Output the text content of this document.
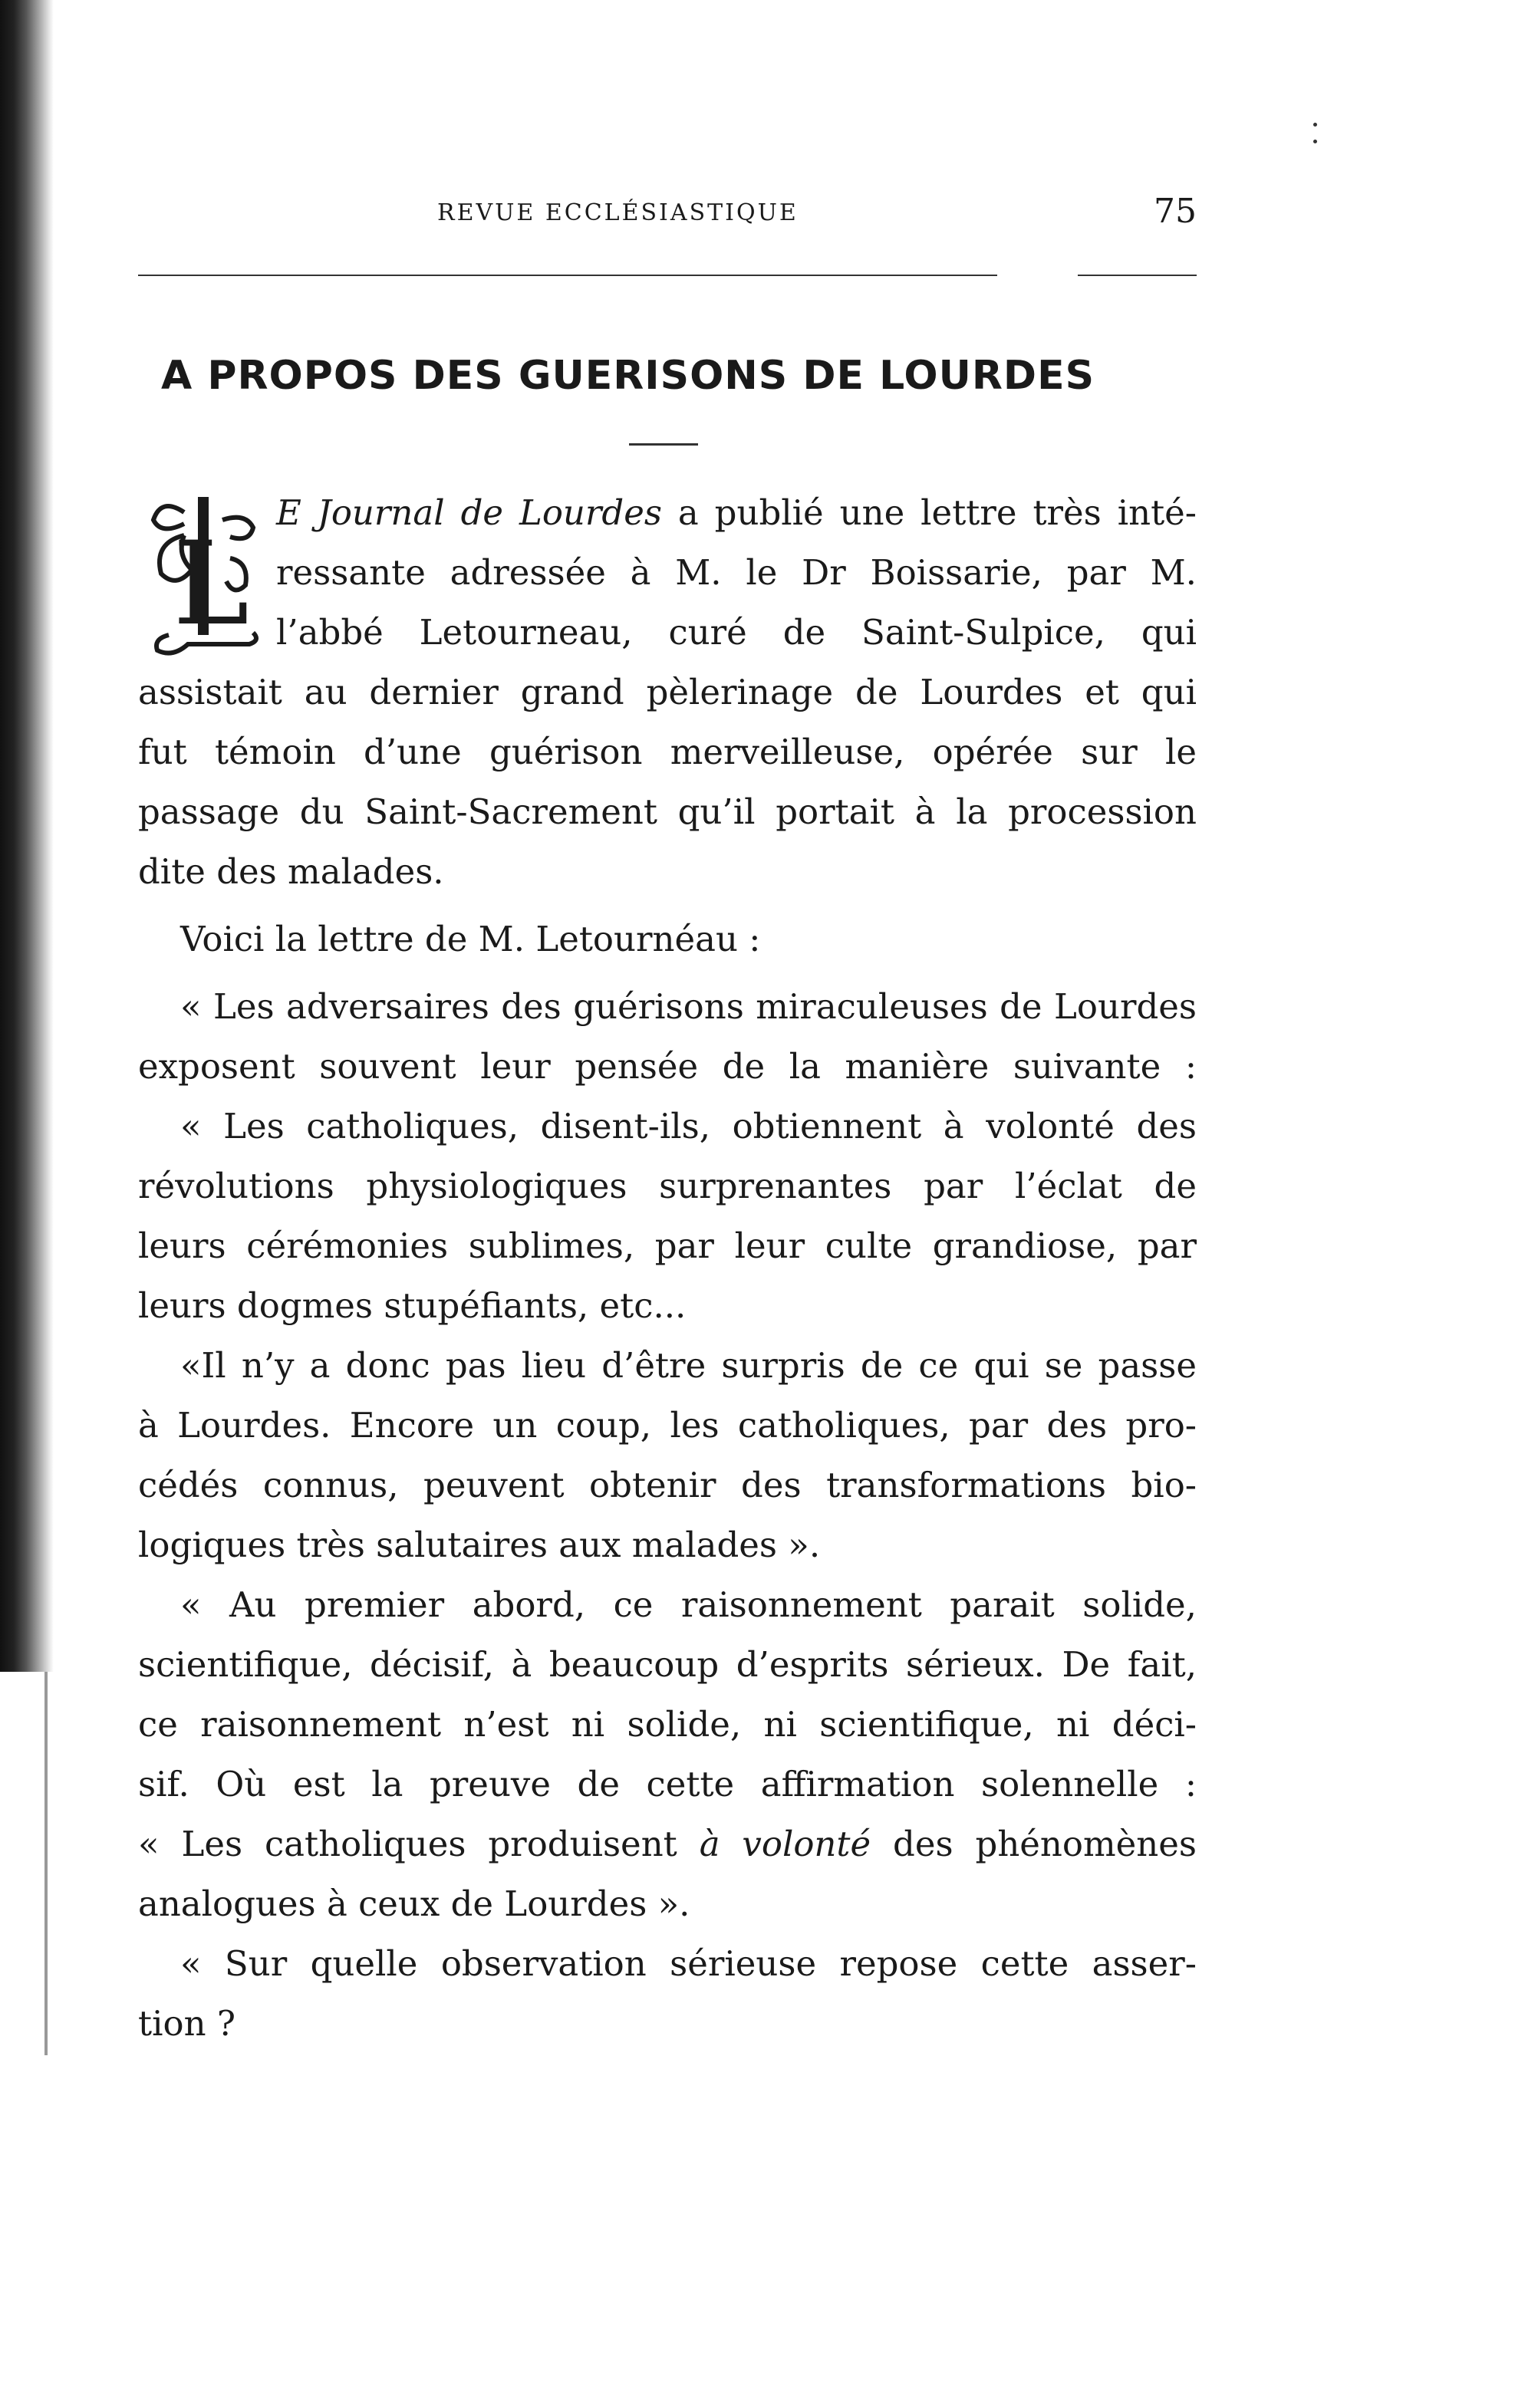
REVUE ECCLÉSIASTIQUE	75
A PROPOS DES GUERISONS DE LOURDES
L
E Journal de Lourdes a publié une lettre très inté-
ressante adressée à M. le Dr Boissarie, par M.
l’abbé Letourneau, curé de Saint-Sulpice, qui
assistait au dernier grand pèlerinage de Lourdes et qui
fut témoin d’une guérison merveilleuse, opérée sur le
passage du Saint-Sacrement qu’il portait à la procession
dite des malades.
Voici la lettre de M. Letournéau :
« Les adversaires des guérisons miraculeuses de Lourdes
exposent souvent leur pensée de la manière suivante :
« Les catholiques, disent-ils, obtiennent à volonté des
révolutions physiologiques surprenantes par l’éclat de
leurs cérémonies sublimes, par leur culte grandiose, par
leurs dogmes stupéfiants, etc...
«Il n’y a donc pas lieu d’être surpris de ce qui se passe
à Lourdes. Encore un coup, les catholiques, par des pro-
cédés connus, peuvent obtenir des transformations bio-
logiques très salutaires aux malades ».
« Au premier abord, ce raisonnement parait solide,
scientifique, décisif, à beaucoup d’esprits sérieux. De fait,
ce raisonnement n’est ni solide, ni scientifique, ni déci-
sif. Où est la preuve de cette affirmation solennelle :
« Les catholiques produisent à volonté des phénomènes
analogues à ceux de Lourdes ».
« Sur quelle observation sérieuse repose cette asser-
tion ?
